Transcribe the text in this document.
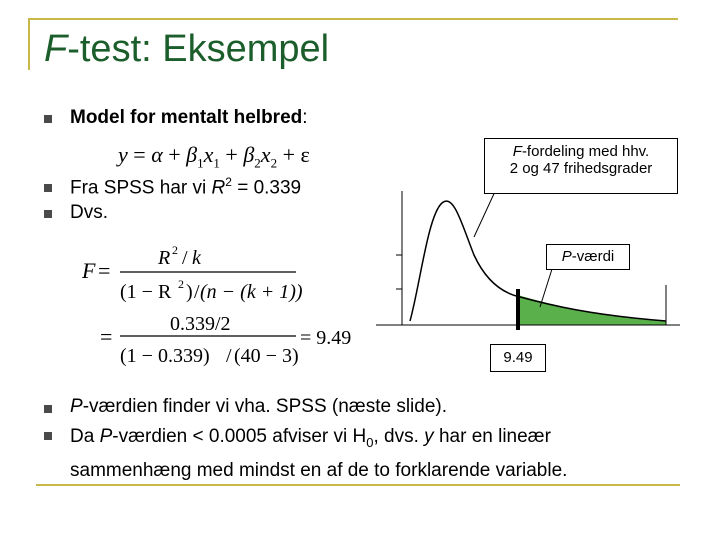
F-test: Eksempel
Model for mentalt helbred:
$y = \alpha + \beta_1x_1 + \beta_2x_2 + \varepsilon$
Fra SPSS har vi $R^2 = 0.339$
Dvs.
F = R 2 / k
(1 − R 2 ) / (n − (k + 1))
=	0.339/2
(1 − 0.339) / (40 − 3)
= 9.49
F-fordeling med hhv.
2 og 47 frihedsgrader
P-værdi
9.49
P-værdien finder vi vha. SPSS (næste slide).
Da P-værdien < 0.0005 afviser vi $H_0$, dvs. y har en lineær
sammenhæng med mindst en af de to forklarende variable.
